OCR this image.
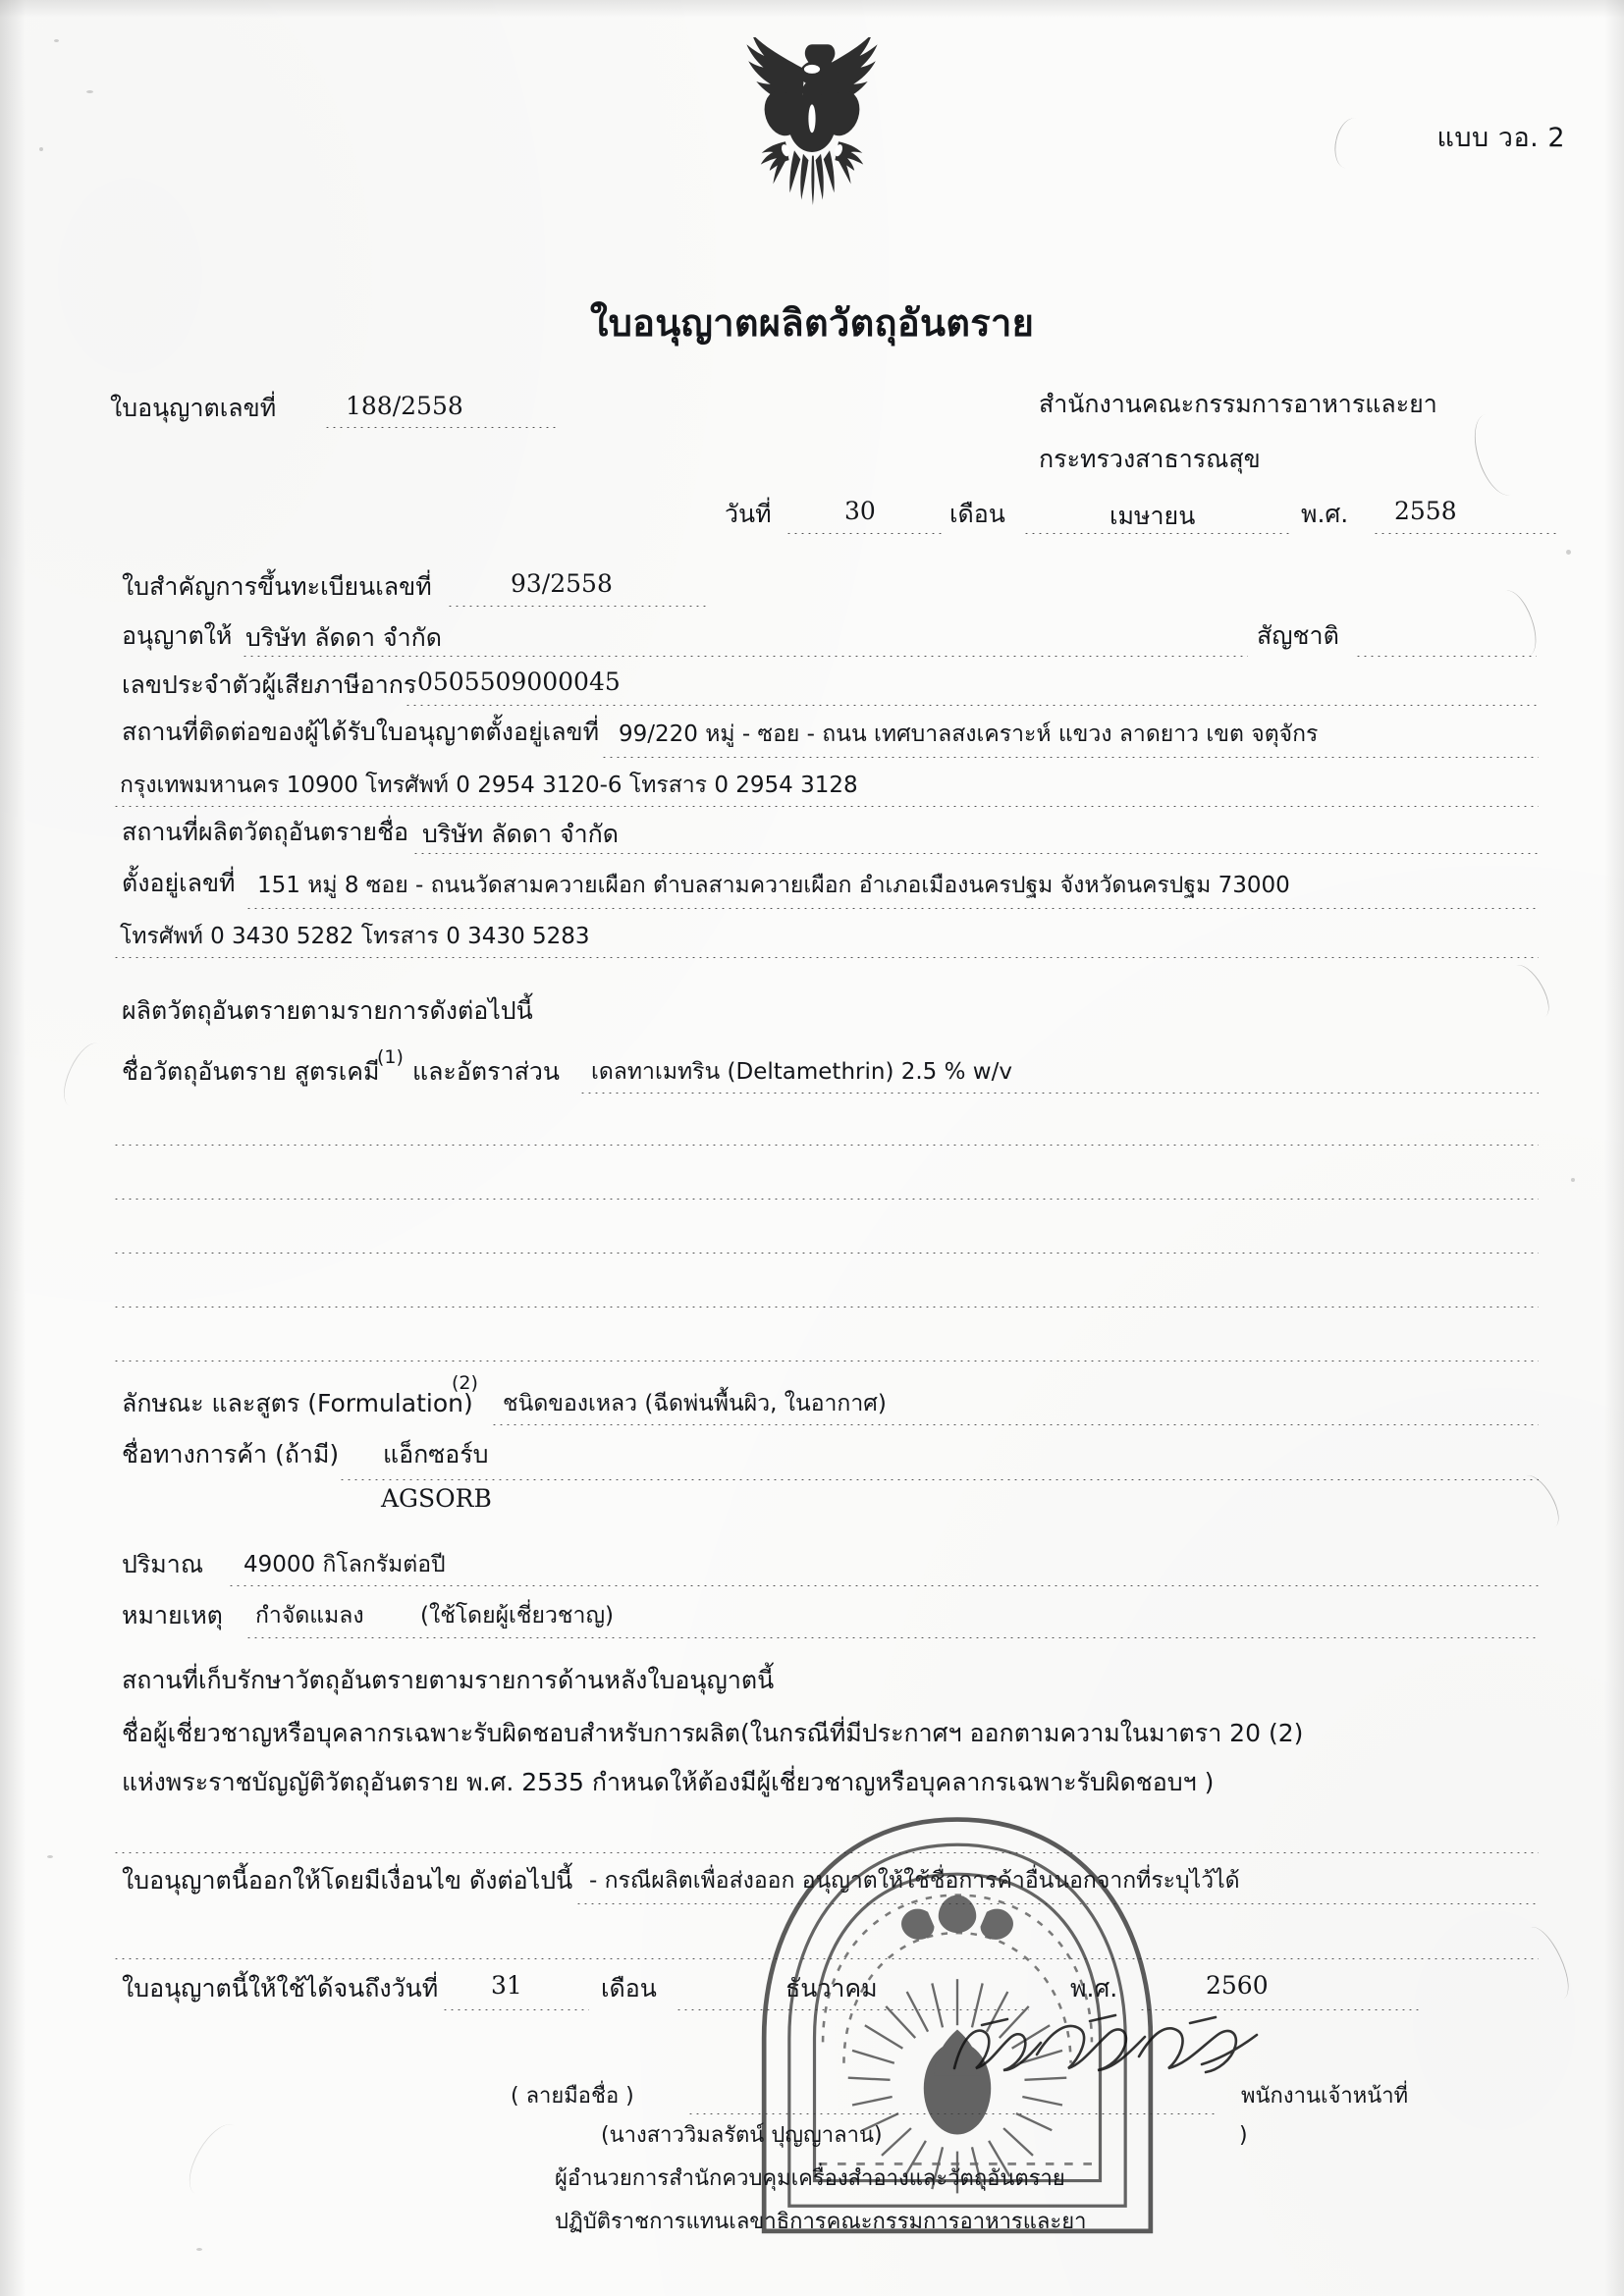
แบบ วอ. 2
ใบอนุญาตผลิตวัตถุอันตราย
ใบอนุญาตเลขที่	188/2558	สำนักงานคณะกรรมการอาหารและยา
กระทรวงสาธารณสุข
วันที่	30	เดือน	เมษายน	พ.ศ. 2558
ใบสำคัญการขึ้นทะเบียนเลขที่	93/2558
อนุญาตให้ บริษัท ลัดดา จำกัด	สัญชาติ
เลขประจำตัวผู้เสียภาษีอากร 0505509000045
สถานที่ติดต่อของผู้ได้รับใบอนุญาตตั้งอยู่เลขที่ 99/220 หมู่ - ซอย - ถนน เทศบาลสงเคราะห์ แขวง ลาดยาว เขต จตุจักร
กรุงเทพมหานคร 10900 โทรศัพท์ 0 2954 3120-6 โทรสาร 0 2954 3128
สถานที่ผลิตวัตถุอันตรายชื่อ บริษัท ลัดดา จำกัด
ตั้งอยู่เลขที่ 151 หมู่ 8 ซอย - ถนนวัดสามควายเผือก ตำบลสามควายเผือก อำเภอเมืองนครปฐม จังหวัดนครปฐม 73000
โทรศัพท์ 0 3430 5282 โทรสาร 0 3430 5283
ผลิตวัตถุอันตรายตามรายการดังต่อไปนี้
ชื่อวัตถุอันตราย สูตรเคมี
(1) และอัตราส่วน เดลทาเมทริน (Deltamethrin) 2.5 % w/v
ลักษณะ และสูตร (Formulation)
(2)
ชนิดของเหลว (ฉีดพ่นพื้นผิว, ในอากาศ)
ชื่อทางการค้า (ถ้ามี) แอ็กซอร์บ
AGSORB
ปริมาณ 49000 กิโลกรัมต่อปี
หมายเหตุ กำจัดแมลง (ใช้โดยผู้เชี่ยวชาญ)
สถานที่เก็บรักษาวัตถุอันตรายตามรายการด้านหลังใบอนุญาตนี้
ชื่อผู้เชี่ยวชาญหรือบุคลากรเฉพาะรับผิดชอบสำหรับการผลิต(ในกรณีที่มีประกาศฯ ออกตามความในมาตรา 20 (2)
แห่งพระราชบัญญัติวัตถุอันตราย พ.ศ. 2535 กำหนดให้ต้องมีผู้เชี่ยวชาญหรือบุคลากรเฉพาะรับผิดชอบฯ )
ใบอนุญาตนี้ออกให้โดยมีเงื่อนไข ดังต่อไปนี้ - กรณีผลิตเพื่อส่งออก อนุญาตให้ใช้ชื่อการค้าอื่นนอกจากที่ระบุไว้ได้
ใบอนุญาตนี้ให้ใช้ได้จนถึงวันที่ 31	เดือน	ธันวาคม	พ.ศ.	2560
( ลายมือชื่อ )	พนักงานเจ้าหน้าที่
(นางสาววิมลรัตน์ ปุญญาลาน)	)
ผู้อำนวยการสำนักควบคุมเครื่องสำอางและวัตถุอันตราย
ปฏิบัติราชการแทนเลขาธิการคณะกรรมการอาหารและยา
